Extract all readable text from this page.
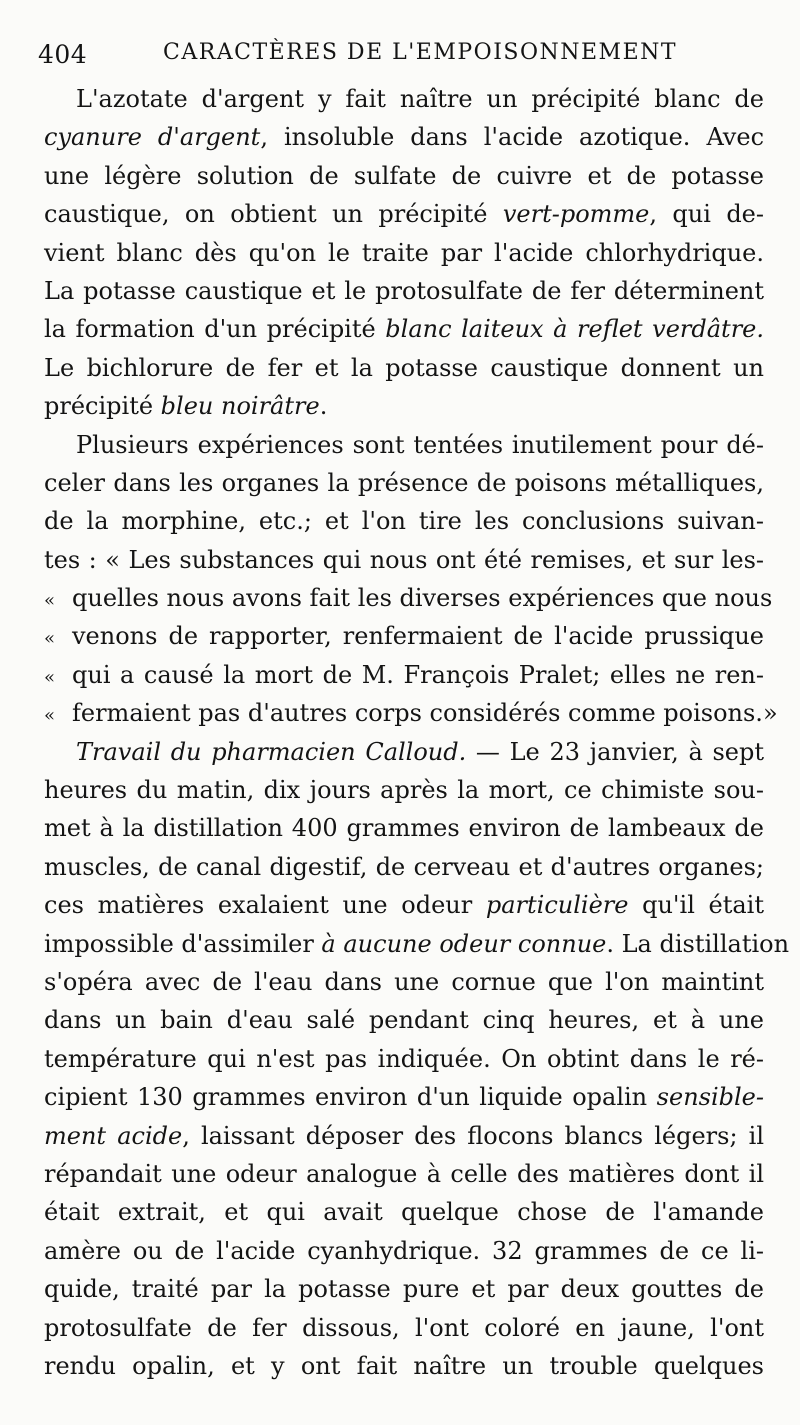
404	CARACTÈRES DE L'EMPOISONNEMENT
L'azotate d'argent y fait naître un précipité blanc de
cyanure d'argent, insoluble dans l'acide azotique. Avec
une légère solution de sulfate de cuivre et de potasse
caustique, on obtient un précipité vert-pomme, qui de-
vient blanc dès qu'on le traite par l'acide chlorhydrique.
La potasse caustique et le protosulfate de fer déterminent
la formation d'un précipité blanc laiteux à reflet verdâtre.
Le bichlorure de fer et la potasse caustique donnent un
précipité bleu noirâtre.
Plusieurs expériences sont tentées inutilement pour dé-
celer dans les organes la présence de poisons métalliques,
de la morphine, etc.; et l'on tire les conclusions suivan-
tes : « Les substances qui nous ont été remises, et sur les-
« quelles nous avons fait les diverses expériences que nous
« venons de rapporter, renfermaient de l'acide prussique
« qui a causé la mort de M. François Pralet; elles ne ren-
« fermaient pas d'autres corps considérés comme poisons.»
Travail du pharmacien Calloud. — Le 23 janvier, à sept
heures du matin, dix jours après la mort, ce chimiste sou-
met à la distillation 400 grammes environ de lambeaux de
muscles, de canal digestif, de cerveau et d'autres organes;
ces matières exalaient une odeur particulière qu'il était
impossible d'assimiler à aucune odeur connue. La distillation
s'opéra avec de l'eau dans une cornue que l'on maintint
dans un bain d'eau salé pendant cinq heures, et à une
température qui n'est pas indiquée. On obtint dans le ré-
cipient 130 grammes environ d'un liquide opalin sensible-
ment acide, laissant déposer des flocons blancs légers; il
répandait une odeur analogue à celle des matières dont il
était extrait, et qui avait quelque chose de l'amande
amère ou de l'acide cyanhydrique. 32 grammes de ce li-
quide, traité par la potasse pure et par deux gouttes de
protosulfate de fer dissous, l'ont coloré en jaune, l'ont
rendu opalin, et y ont fait naître un trouble quelques
